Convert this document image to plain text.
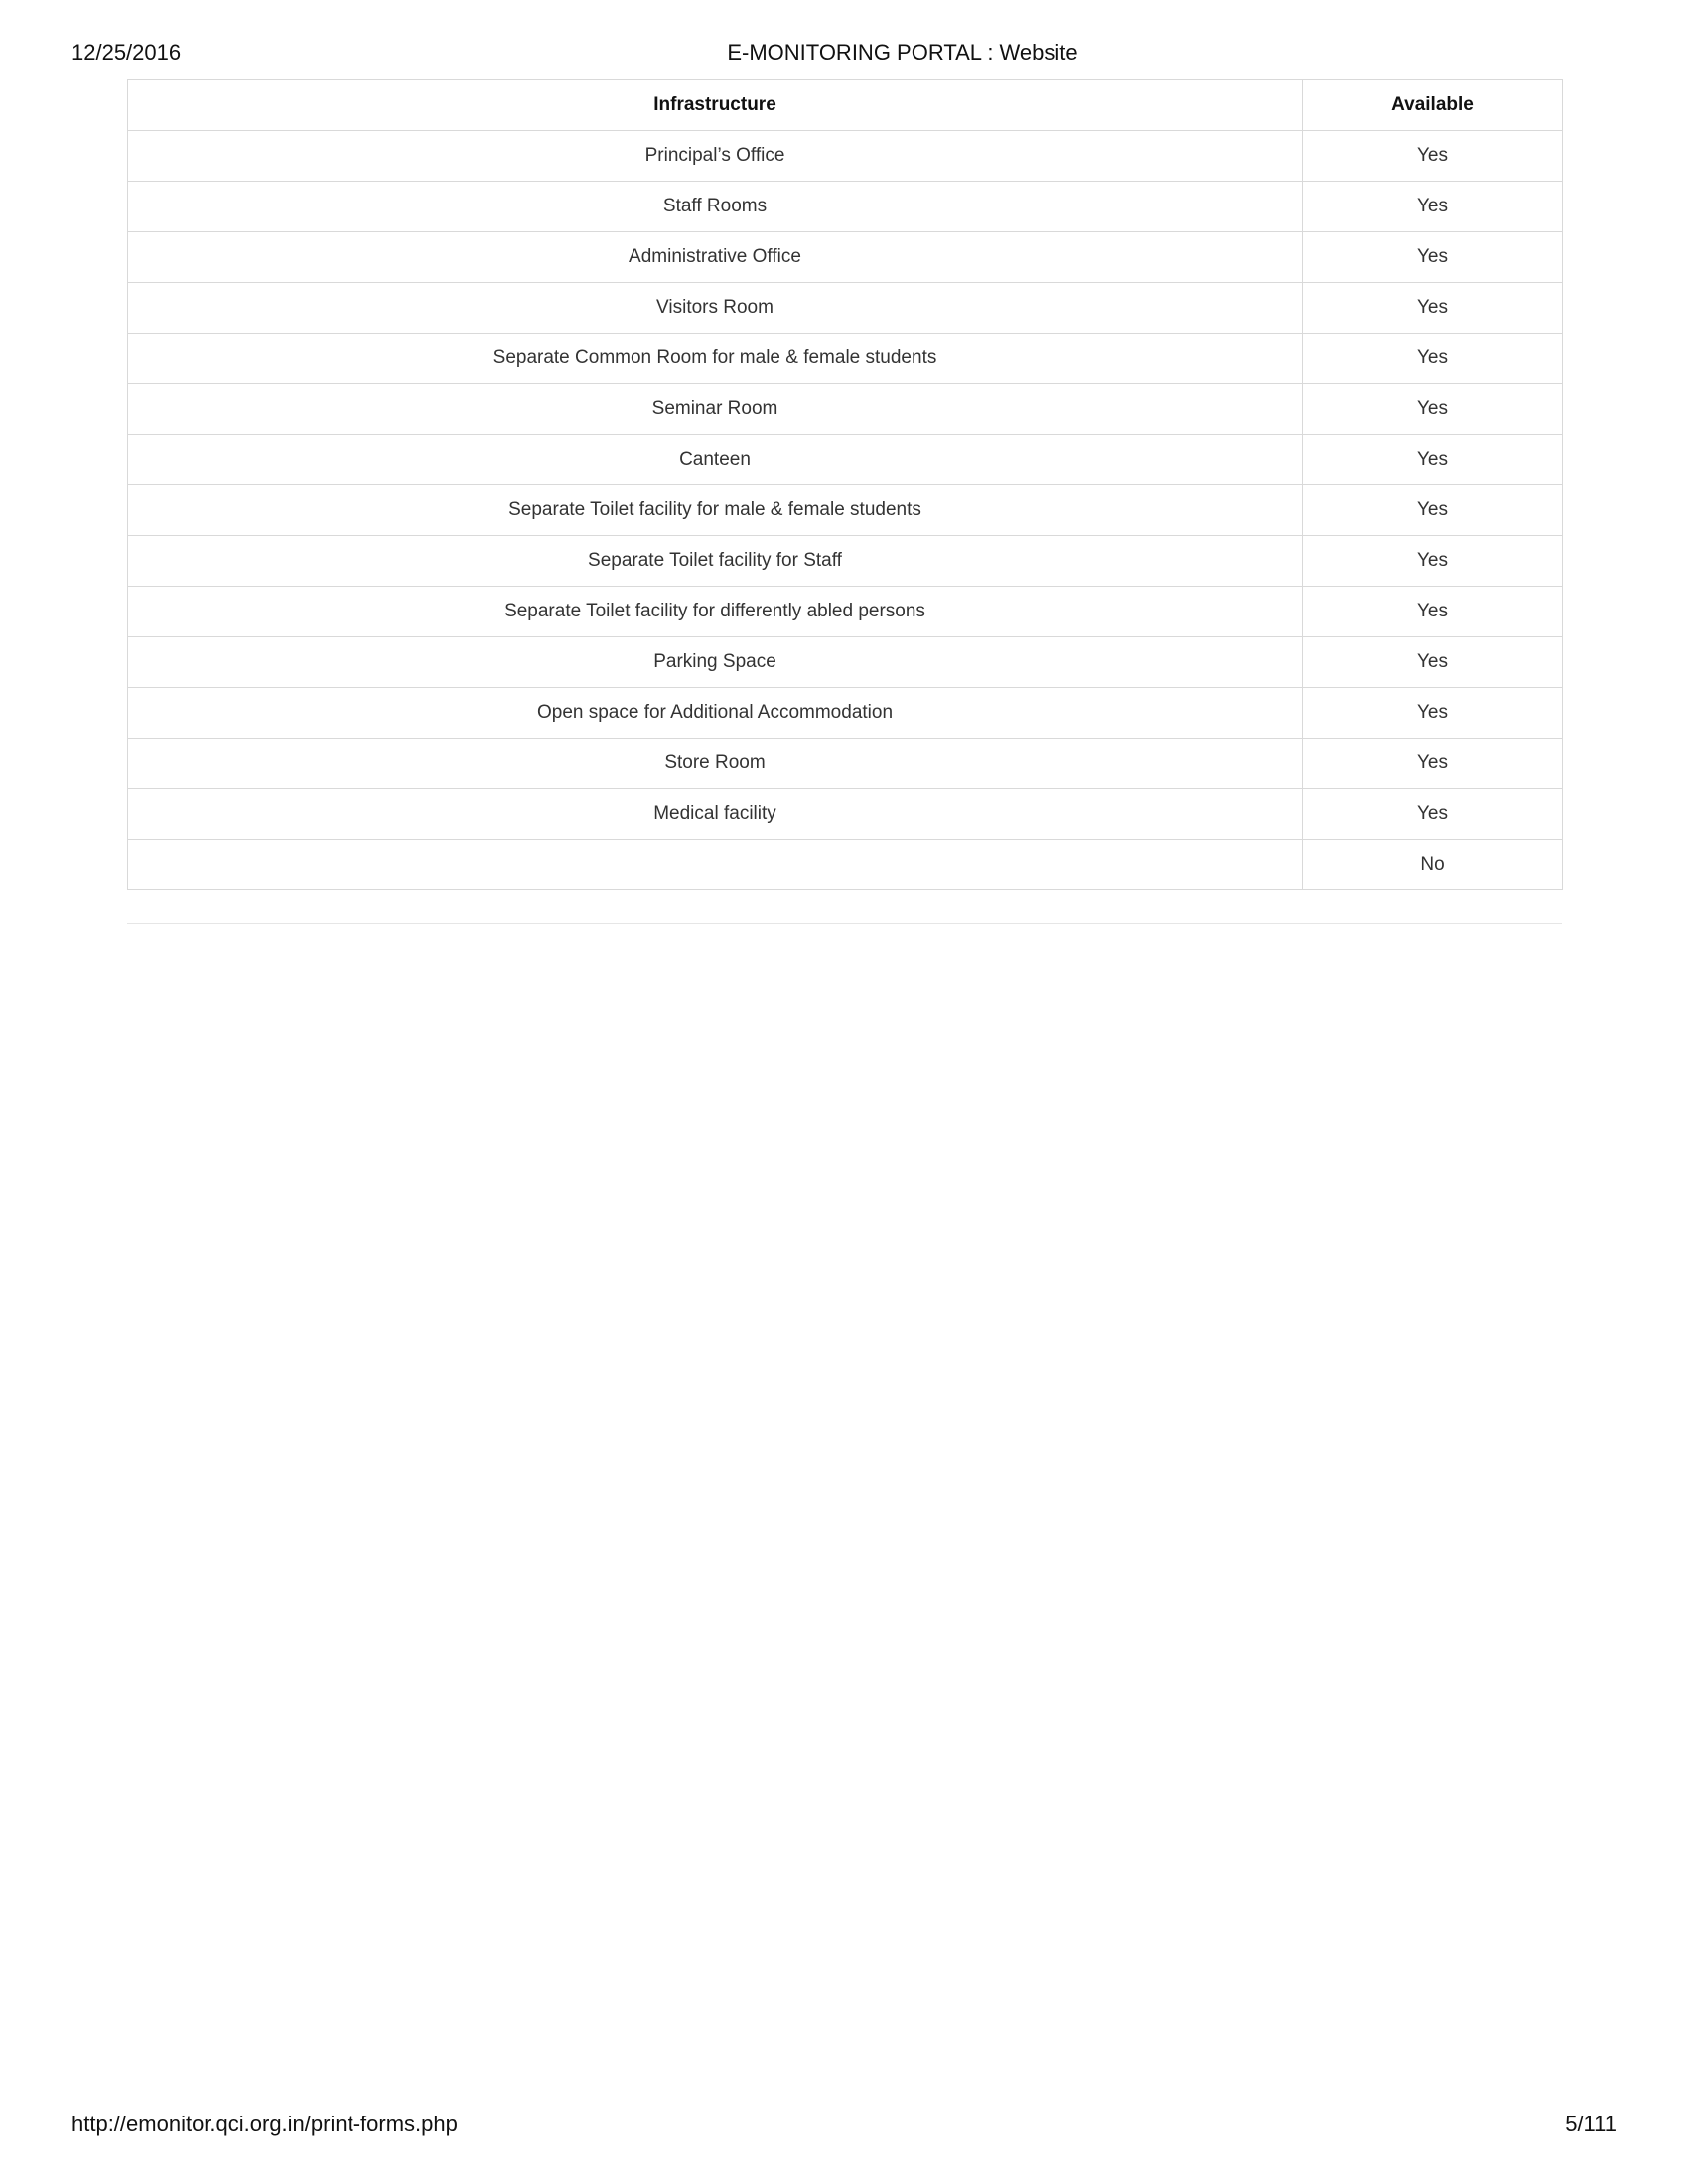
12/25/2016	E-MONITORING PORTAL : Website
Infrastructure	Available
Principal’s Office	Yes
Staff Rooms	Yes
Administrative Office	Yes
Visitors Room	Yes
Separate Common Room for male & female students	Yes
Seminar Room	Yes
Canteen	Yes
Separate Toilet facility for male & female students	Yes
Separate Toilet facility for Staff	Yes
Separate Toilet facility for differently abled persons	Yes
Parking Space	Yes
Open space for Additional Accommodation	Yes
Store Room	Yes
Medical facility	Yes
	No
http://emonitor.qci.org.in/print-forms.php	5/111
